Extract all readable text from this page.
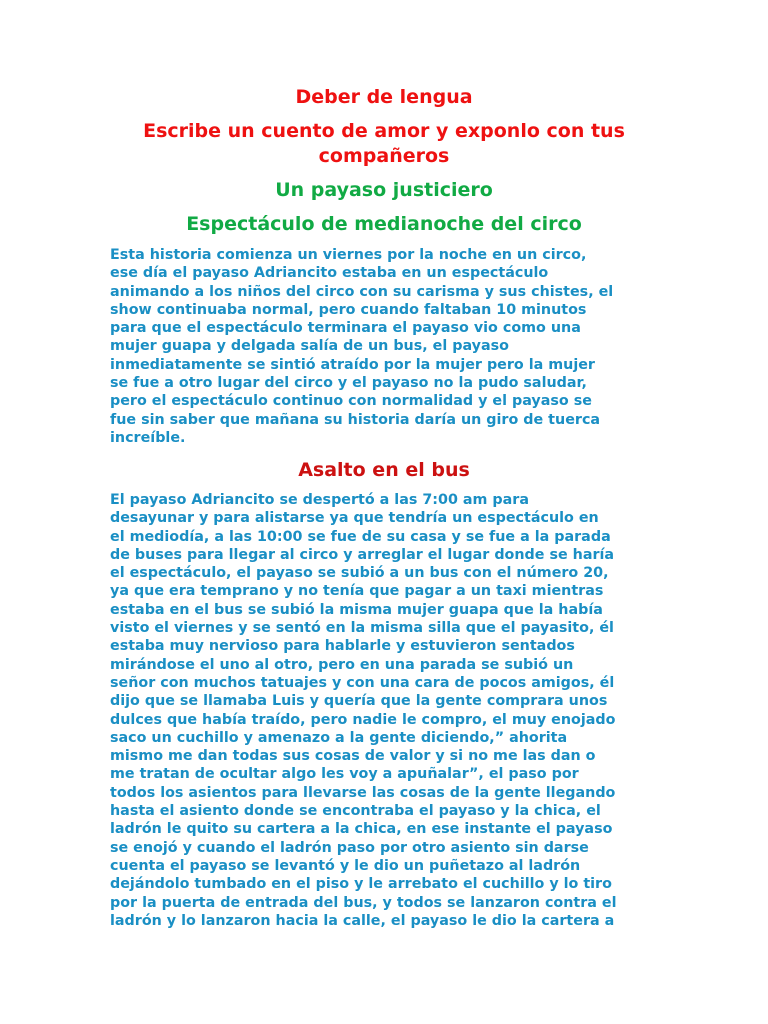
Deber de lengua
Escribe un cuento de amor y exponlo con tus
compañeros
Un payaso justiciero
Espectáculo de medianoche del circo

Esta historia comienza un viernes por la noche en un circo,
ese día el payaso Adriancito estaba en un espectáculo
animando a los niños del circo con su carisma y sus chistes, el
show continuaba normal, pero cuando faltaban 10 minutos
para que el espectáculo terminara el payaso vio como una
mujer guapa y delgada salía de un bus, el payaso
inmediatamente se sintió atraído por la mujer pero la mujer
se fue a otro lugar del circo y el payaso no la pudo saludar,
pero el espectáculo continuo con normalidad y el payaso se
fue sin saber que mañana su historia daría un giro de tuerca
increíble.

Asalto en el bus

El payaso Adriancito se despertó a las 7:00 am para
desayunar y para alistarse ya que tendría un espectáculo en
el mediodía, a las 10:00 se fue de su casa y se fue a la parada
de buses para llegar al circo y arreglar el lugar donde se haría
el espectáculo, el payaso se subió a un bus con el número 20,
ya que era temprano y no tenía que pagar a un taxi mientras
estaba en el bus se subió la misma mujer guapa que la había
visto el viernes y se sentó en la misma silla que el payasito, él
estaba muy nervioso para hablarle y estuvieron sentados
mirándose el uno al otro, pero en una parada se subió un
señor con muchos tatuajes y con una cara de pocos amigos, él
dijo que se llamaba Luis y quería que la gente comprara unos
dulces que había traído, pero nadie le compro, el muy enojado
saco un cuchillo y amenazo a la gente diciendo,” ahorita
mismo me dan todas sus cosas de valor y si no me las dan o
me tratan de ocultar algo les voy a apuñalar”, el paso por
todos los asientos para llevarse las cosas de la gente llegando
hasta el asiento donde se encontraba el payaso y la chica, el
ladrón le quito su cartera a la chica, en ese instante el payaso
se enojó y cuando el ladrón paso por otro asiento sin darse
cuenta el payaso se levantó y le dio un puñetazo al ladrón
dejándolo tumbado en el piso y le arrebato el cuchillo y lo tiro
por la puerta de entrada del bus, y todos se lanzaron contra el
ladrón y lo lanzaron hacia la calle, el payaso le dio la cartera a
